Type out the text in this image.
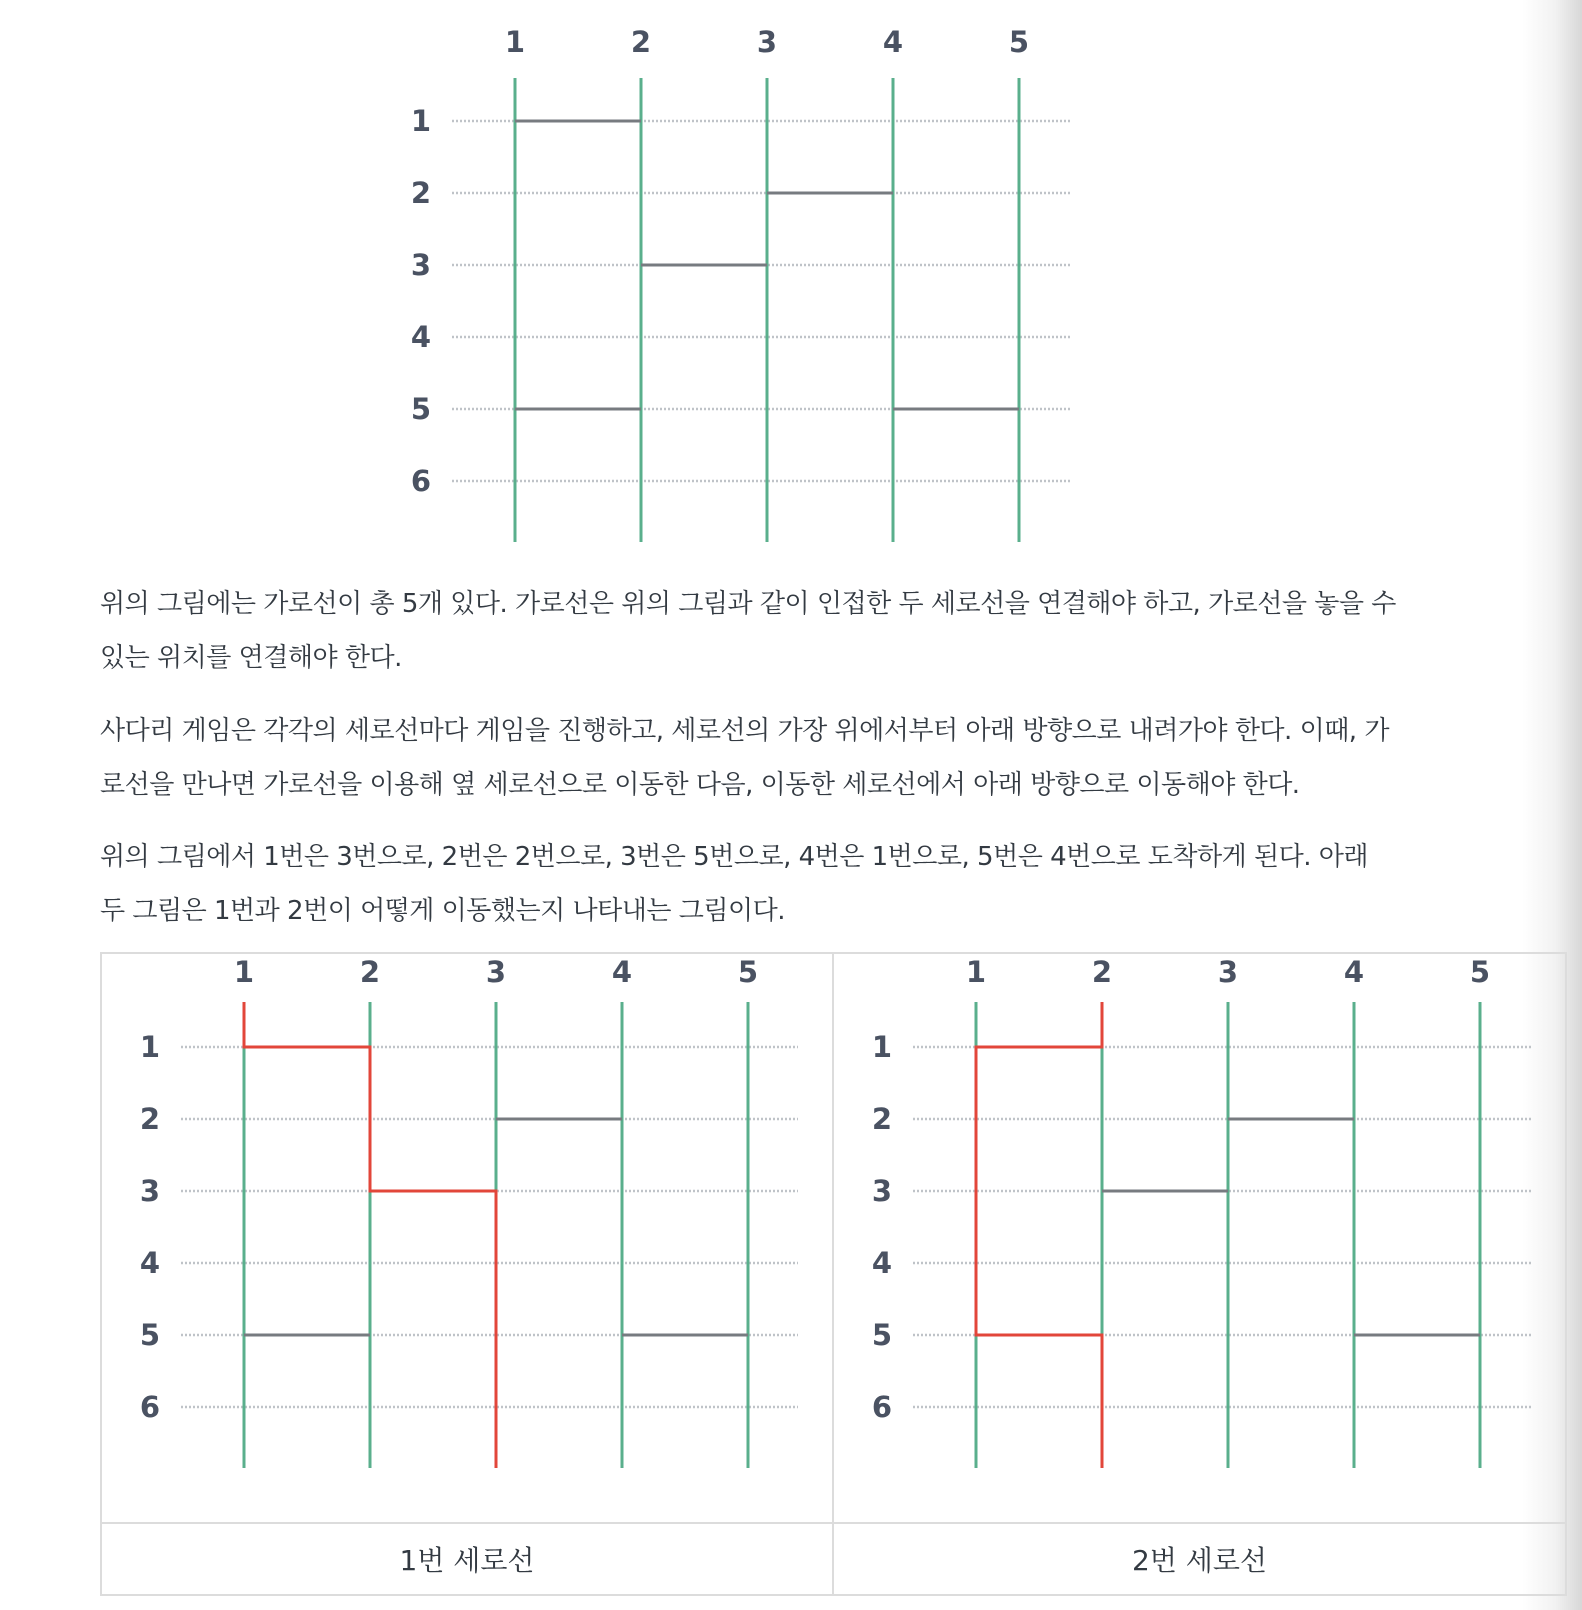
1
2
3
4
5
6
1	2	3	4	5

위의 그림에는 가로선이 총 5개 있다. 가로선은 위의 그림과 같이 인접한 두 세로선을 연결해야 하고, 가로선을 놓을 수 있는 위치를 연결해야 한다.

사다리 게임은 각각의 세로선마다 게임을 진행하고, 세로선의 가장 위에서부터 아래 방향으로 내려가야 한다. 이때, 가로선을 만나면 가로선을 이용해 옆 세로선으로 이동한 다음, 이동한 세로선에서 아래 방향으로 이동해야 한다.

위의 그림에서 1번은 3번으로, 2번은 2번으로, 3번은 5번으로, 4번은 1번으로, 5번은 4번으로 도착하게 된다. 아래 두 그림은 1번과 2번이 어떻게 이동했는지 나타내는 그림이다.

1
2
3
4
5
6
1	2	3	4	5
1
2
3
4
5
6
1	2	3	4	5
1번 세로선	2번 세로선
